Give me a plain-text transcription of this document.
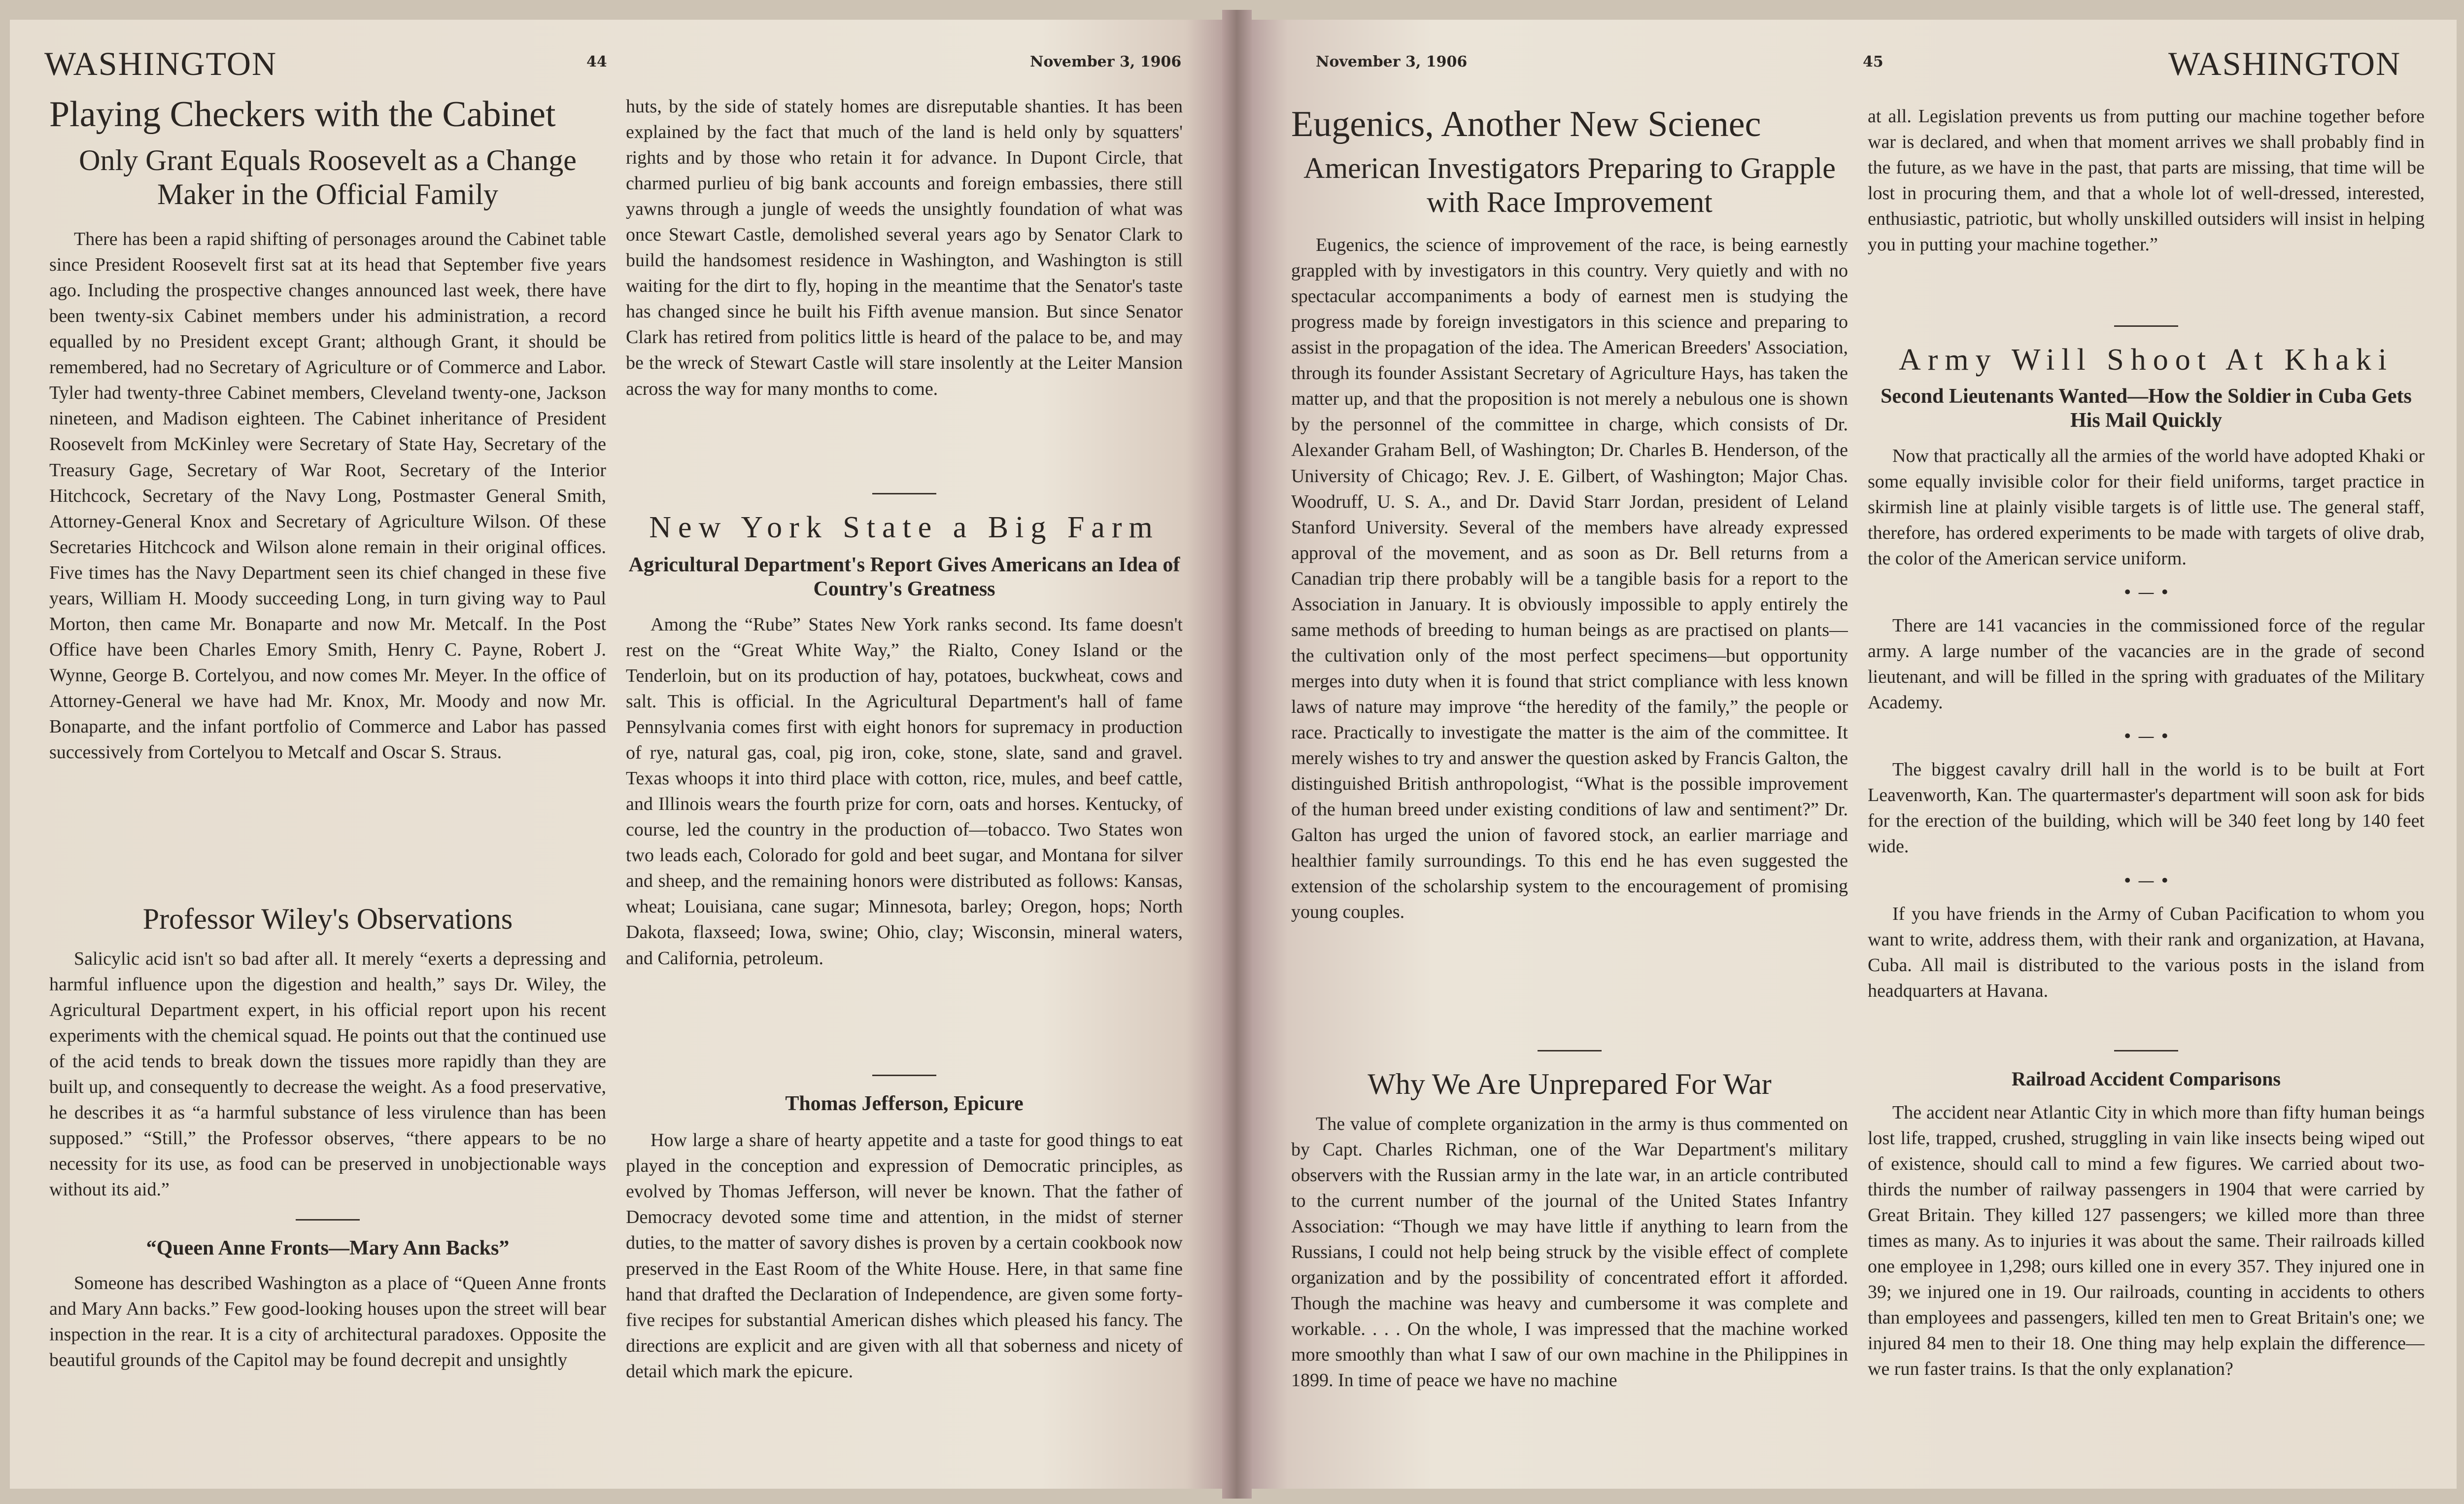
WASHINGTON	44	November 3, 1906
Playing Checkers with the Cabinet
Only Grant Equals Roosevelt as a Change Maker in the Official Family

There has been a rapid shifting of personages around the Cabinet table since President Roosevelt first sat at its head that September five years ago. Including the prospective changes announced last week, there have been twenty-six Cabinet members under his administration, a record equalled by no President except Grant; although Grant, it should be remembered, had no Secretary of Agriculture or of Commerce and Labor. Tyler had twenty-three Cabinet members, Cleveland twenty-one, Jackson nineteen, and Madison eighteen. The Cabinet inheritance of President Roosevelt from McKinley were Secretary of State Hay, Secretary of the Treasury Gage, Secretary of War Root, Secretary of the Interior Hitchcock, Secretary of the Navy Long, Postmaster General Smith, Attorney-General Knox and Secretary of Agriculture Wilson. Of these Secretaries Hitchcock and Wilson alone remain in their original offices. Five times has the Navy Department seen its chief changed in these five years, William H. Moody succeeding Long, in turn giving way to Paul Morton, then came Mr. Bonaparte and now Mr. Metcalf. In the Post Office have been Charles Emory Smith, Henry C. Payne, Robert J. Wynne, George B. Cortelyou, and now comes Mr. Meyer. In the office of Attorney-General we have had Mr. Knox, Mr. Moody and now Mr. Bonaparte, and the infant portfolio of Commerce and Labor has passed successively from Cortelyou to Metcalf and Oscar S. Straus.

Professor Wiley's Observations

Salicylic acid isn't so bad after all. It merely “exerts a depressing and harmful influence upon the digestion and health,” says Dr. Wiley, the Agricultural Department expert, in his official report upon his recent experiments with the chemical squad. He points out that the continued use of the acid tends to break down the tissues more rapidly than they are built up, and consequently to decrease the weight. As a food preservative, he describes it as “a harmful substance of less virulence than has been supposed.” “Still,” the Professor observes, “there appears to be no necessity for its use, as food can be preserved in unobjectionable ways without its aid.”

“Queen Anne Fronts—Mary Ann Backs”

Someone has described Washington as a place of “Queen Anne fronts and Mary Ann backs.” Few good-looking houses upon the street will bear inspection in the rear. It is a city of architectural paradoxes. Opposite the beautiful grounds of the Capitol may be found decrepit and unsightly

huts, by the side of stately homes are disreputable shanties. It has been explained by the fact that much of the land is held only by squatters' rights and by those who retain it for advance. In Dupont Circle, that charmed purlieu of big bank accounts and foreign embassies, there still yawns through a jungle of weeds the unsightly foundation of what was once Stewart Castle, demolished several years ago by Senator Clark to build the handsomest residence in Washington, and Washington is still waiting for the dirt to fly, hoping in the meantime that the Senator's taste has changed since he built his Fifth avenue mansion. But since Senator Clark has retired from politics little is heard of the palace to be, and may be the wreck of Stewart Castle will stare insolently at the Leiter Mansion across the way for many months to come.

New York State a Big Farm
Agricultural Department's Report Gives Americans an Idea of Country's Greatness

Among the “Rube” States New York ranks second. Its fame doesn't rest on the “Great White Way,” the Rialto, Coney Island or the Tenderloin, but on its production of hay, potatoes, buckwheat, cows and salt. This is official. In the Agricultural Department's hall of fame Pennsylvania comes first with eight honors for supremacy in production of rye, natural gas, coal, pig iron, coke, stone, slate, sand and gravel. Texas whoops it into third place with cotton, rice, mules, and beef cattle, and Illinois wears the fourth prize for corn, oats and horses. Kentucky, of course, led the country in the production of—tobacco. Two States won two leads each, Colorado for gold and beet sugar, and Montana for silver and sheep, and the remaining honors were distributed as follows: Kansas, wheat; Louisiana, cane sugar; Minnesota, barley; Oregon, hops; North Dakota, flaxseed; Iowa, swine; Ohio, clay; Wisconsin, mineral waters, and California, petroleum.

Thomas Jefferson, Epicure

How large a share of hearty appetite and a taste for good things to eat played in the conception and expression of Democratic principles, as evolved by Thomas Jefferson, will never be known. That the father of Democracy devoted some time and attention, in the midst of sterner duties, to the matter of savory dishes is proven by a certain cookbook now preserved in the East Room of the White House. Here, in that same fine hand that drafted the Declaration of Independence, are given some forty-five recipes for substantial American dishes which pleased his fancy. The directions are explicit and are given with all that soberness and nicety of detail which mark the epicure.

November 3, 1906	45	WASHINGTON
Eugenics, Another New Scienec
American Investigators Preparing to Grapple with Race Improvement

Eugenics, the science of improvement of the race, is being earnestly grappled with by investigators in this country. Very quietly and with no spectacular accompaniments a body of earnest men is studying the progress made by foreign investigators in this science and preparing to assist in the propagation of the idea. The American Breeders' Association, through its founder Assistant Secretary of Agriculture Hays, has taken the matter up, and that the proposition is not merely a nebulous one is shown by the personnel of the committee in charge, which consists of Dr. Alexander Graham Bell, of Washington; Dr. Charles B. Henderson, of the University of Chicago; Rev. J. E. Gilbert, of Washington; Major Chas. Woodruff, U. S. A., and Dr. David Starr Jordan, president of Leland Stanford University. Several of the members have already expressed approval of the movement, and as soon as Dr. Bell returns from a Canadian trip there probably will be a tangible basis for a report to the Association in January. It is obviously impossible to apply entirely the same methods of breeding to human beings as are practised on plants—the cultivation only of the most perfect specimens—but opportunity merges into duty when it is found that strict compliance with less known laws of nature may improve “the heredity of the family,” the people or race. Practically to investigate the matter is the aim of the committee. It merely wishes to try and answer the question asked by Francis Galton, the distinguished British anthropologist, “What is the possible improvement of the human breed under existing conditions of law and sentiment?” Dr. Galton has urged the union of favored stock, an earlier marriage and healthier family surroundings. To this end he has even suggested the extension of the scholarship system to the encouragement of promising young couples.

Why We Are Unprepared For War

The value of complete organization in the army is thus commented on by Capt. Charles Richman, one of the War Department's military observers with the Russian army in the late war, in an article contributed to the current number of the journal of the United States Infantry Association: “Though we may have little if anything to learn from the Russians, I could not help being struck by the visible effect of complete organization and by the possibility of concentrated effort it afforded. Though the machine was heavy and cumbersome it was complete and workable. . . . On the whole, I was impressed that the machine worked more smoothly than what I saw of our own machine in the Philippines in 1899. In time of peace we have no machine

at all. Legislation prevents us from putting our machine together before war is declared, and when that moment arrives we shall probably find in the future, as we have in the past, that parts are missing, that time will be lost in procuring them, and that a whole lot of well-dressed, interested, enthusiastic, patriotic, but wholly unskilled outsiders will insist in helping you in putting your machine together.”

Army Will Shoot At Khaki
Second Lieutenants Wanted—How the Soldier in Cuba Gets His Mail Quickly

Now that practically all the armies of the world have adopted Khaki or some equally invisible color for their field uniforms, target practice in skirmish line at plainly visible targets is of little use. The general staff, therefore, has ordered experiments to be made with targets of olive drab, the color of the American service uniform.

• — •

There are 141 vacancies in the commissioned force of the regular army. A large number of the vacancies are in the grade of second lieutenant, and will be filled in the spring with graduates of the Military Academy.

• — •

The biggest cavalry drill hall in the world is to be built at Fort Leavenworth, Kan. The quartermaster's department will soon ask for bids for the erection of the building, which will be 340 feet long by 140 feet wide.

• — •

If you have friends in the Army of Cuban Pacification to whom you want to write, address them, with their rank and organization, at Havana, Cuba. All mail is distributed to the various posts in the island from headquarters at Havana.

Railroad Accident Comparisons

The accident near Atlantic City in which more than fifty human beings lost life, trapped, crushed, struggling in vain like insects being wiped out of existence, should call to mind a few figures. We carried about two-thirds the number of railway passengers in 1904 that were carried by Great Britain. They killed 127 passengers; we killed more than three times as many. As to injuries it was about the same. Their railroads killed one employee in 1,298; ours killed one in every 357. They injured one in 39; we injured one in 19. Our railroads, counting in accidents to others than employees and passengers, killed ten men to Great Britain's one; we injured 84 men to their 18. One thing may help explain the difference—we run faster trains. Is that the only explanation?
